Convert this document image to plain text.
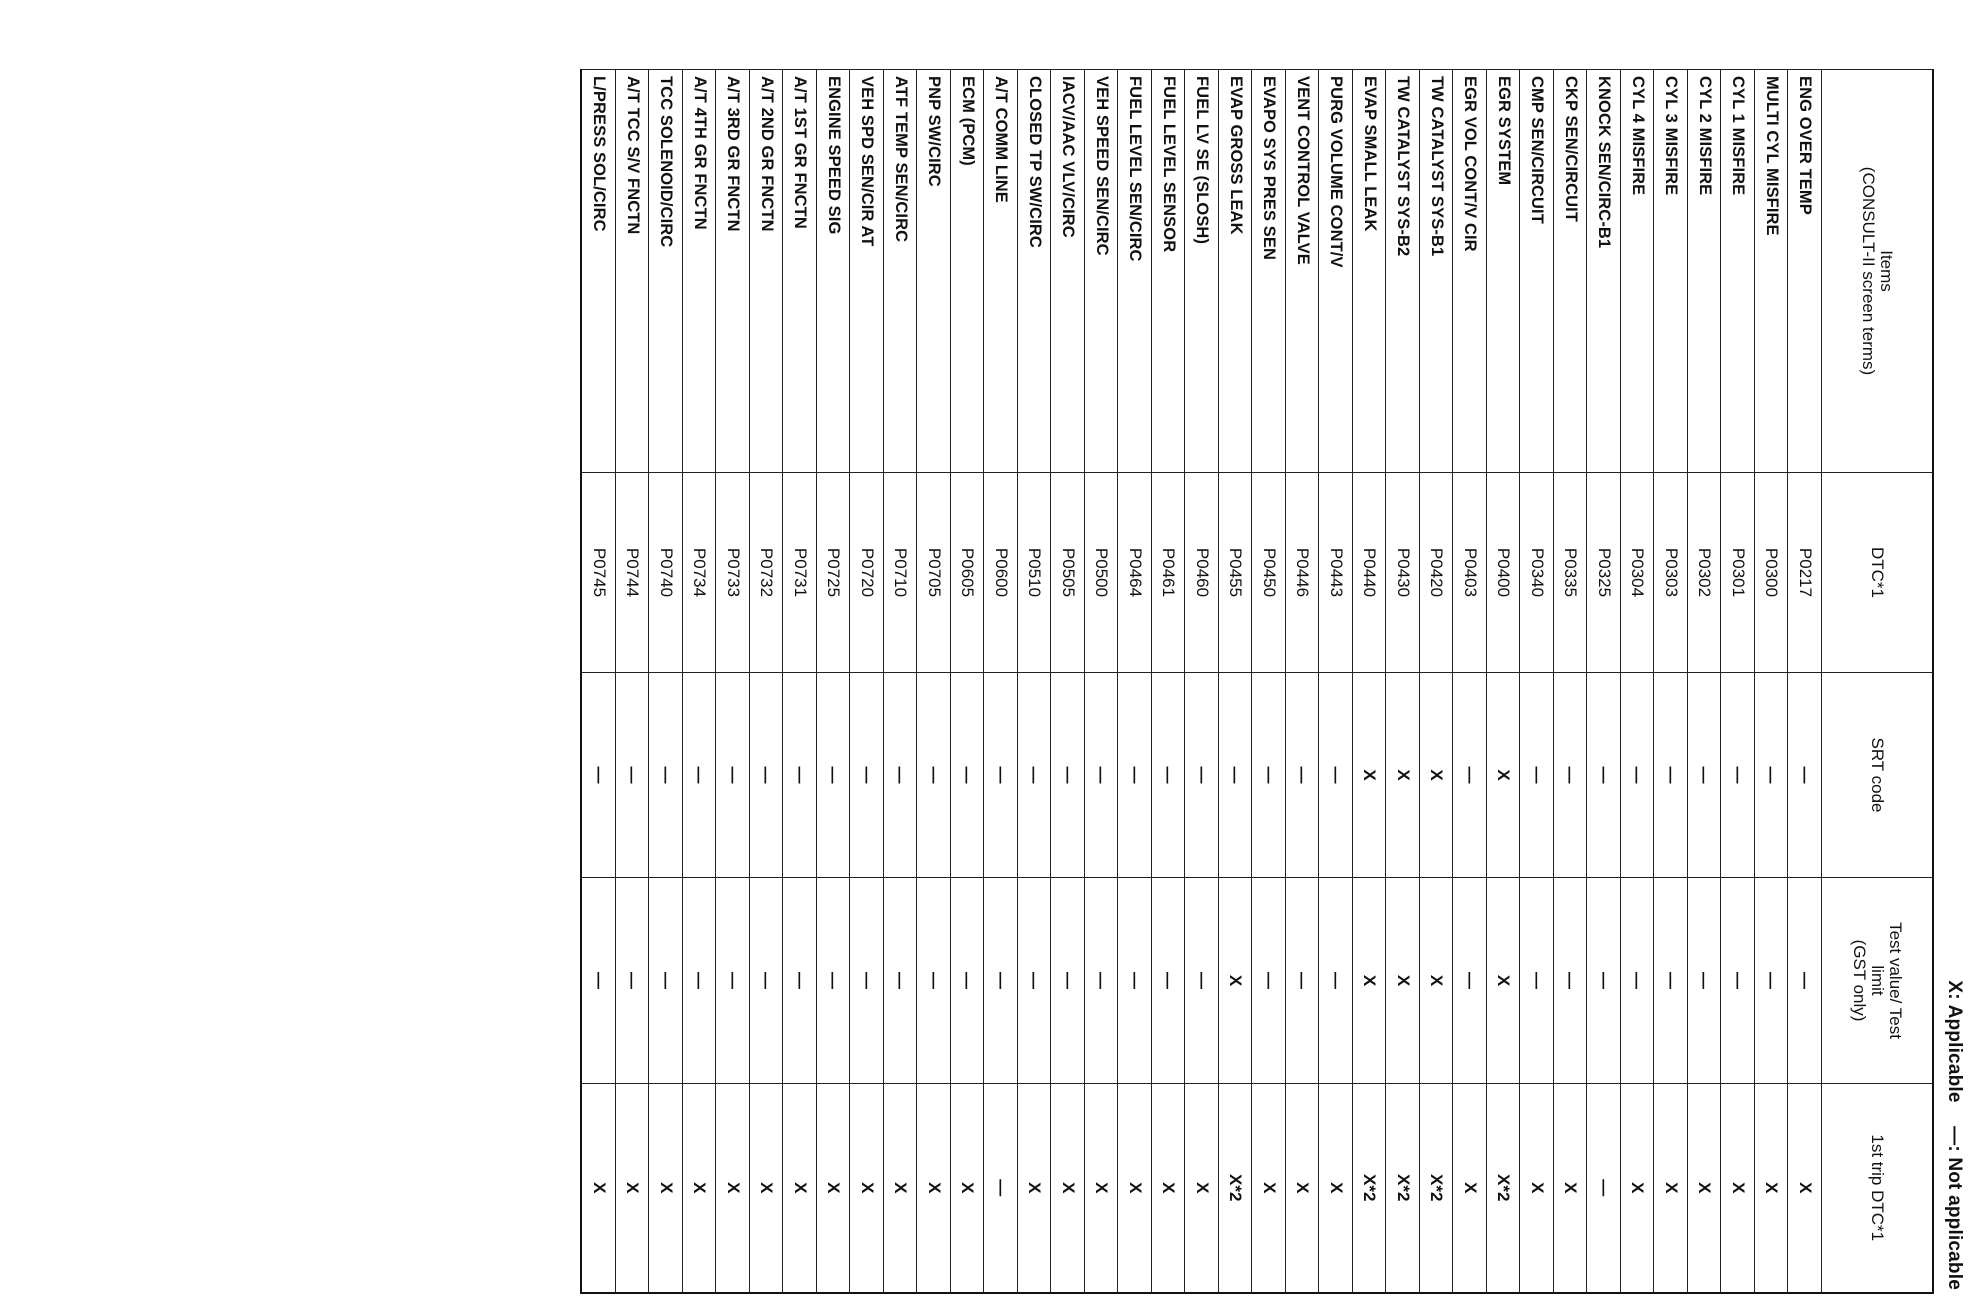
X: Applicable —: Not applicable
Items
(CONSULT-II screen terms)	DTC*1	SRT code	Test value/ Test
limit
(GST only)	1st trip DTC*1
ENG OVER TEMP	P0217	—	—	X
MULTI CYL MISFIRE	P0300	—	—	X
CYL 1 MISFIRE	P0301	—	—	X
CYL 2 MISFIRE	P0302	—	—	X
CYL 3 MISFIRE	P0303	—	—	X
CYL 4 MISFIRE	P0304	—	—	X
KNOCK SEN/CIRC-B1	P0325	—	—	—
CKP SEN/CIRCUIT	P0335	—	—	X
CMP SEN/CIRCUIT	P0340	—	—	X
EGR SYSTEM	P0400	X	X	X*2
EGR VOL CONT/V CIR	P0403	—	—	X
TW CATALYST SYS-B1	P0420	X	X	X*2
TW CATALYST SYS-B2	P0430	X	X	X*2
EVAP SMALL LEAK	P0440	X	X	X*2
PURG VOLUME CONT/V	P0443	—	—	X
VENT CONTROL VALVE	P0446	—	—	X
EVAPO SYS PRES SEN	P0450	—	—	X
EVAP GROSS LEAK	P0455	—	X	X*2
FUEL LV SE (SLOSH)	P0460	—	—	X
FUEL LEVEL SENSOR	P0461	—	—	X
FUEL LEVEL SEN/CIRC	P0464	—	—	X
VEH SPEED SEN/CIRC	P0500	—	—	X
IACV/AAC VLV/CIRC	P0505	—	—	X
CLOSED TP SW/CIRC	P0510	—	—	X
A/T COMM LINE	P0600	—	—	—
ECM (PCM)	P0605	—	—	X
PNP SW/CIRC	P0705	—	—	X
ATF TEMP SEN/CIRC	P0710	—	—	X
VEH SPD SEN/CIR AT	P0720	—	—	X
ENGINE SPEED SIG	P0725	—	—	X
A/T 1ST GR FNCTN	P0731	—	—	X
A/T 2ND GR FNCTN	P0732	—	—	X
A/T 3RD GR FNCTN	P0733	—	—	X
A/T 4TH GR FNCTN	P0734	—	—	X
TCC SOLENOID/CIRC	P0740	—	—	X
A/T TCC S/V FNCTN	P0744	—	—	X
L/PRESS SOL/CIRC	P0745	—	—	X
